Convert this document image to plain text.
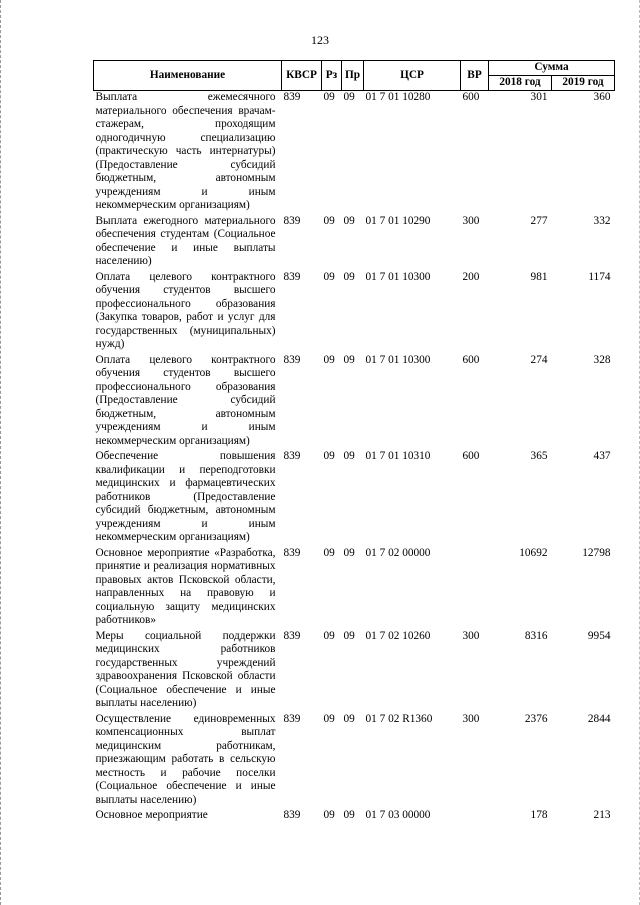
123
Наименование	КВСР	Рз	Пр	ЦСР	ВР	Сумма	
						2018 год	2019 год
Выплата ежемесячного материального обеспечения врачам-стажерам, проходящим одногодичную специализацию (практическую часть интернатуры) (Предоставление субсидий бюджетным, автономным учреждениям и иным некоммерческим организациям)	839	09	09	01 7 01 10280	600	301	360
Выплата ежегодного материального обеспечения студентам (Социальное обеспечение и иные выплаты населению)	839	09	09	01 7 01 10290	300	277	332
Оплата целевого контрактного обучения студентов высшего профессионального образования (Закупка товаров, работ и услуг для государственных (муниципальных) нужд)	839	09	09	01 7 01 10300	200	981	1174
Оплата целевого контрактного обучения студентов высшего профессионального образования (Предоставление субсидий бюджетным, автономным учреждениям и иным некоммерческим организациям)	839	09	09	01 7 01 10300	600	274	328
Обеспечение повышения квалификации и переподготовки медицинских и фармацевтических работников (Предоставление субсидий бюджетным, автономным учреждениям и иным некоммерческим организациям)	839	09	09	01 7 01 10310	600	365	437
Основное мероприятие «Разработка, принятие и реализация нормативных правовых актов Псковской области, направленных на правовую и социальную защиту медицинских работников»	839	09	09	01 7 02 00000		10692	12798
Меры социальной поддержки медицинских работников государственных учреждений здравоохранения Псковской области (Социальное обеспечение и иные выплаты населению)	839	09	09	01 7 02 10260	300	8316	9954
Осуществление единовременных компенсационных выплат медицинским работникам, приезжающим работать в сельскую местность и рабочие поселки (Социальное обеспечение и иные выплаты населению)	839	09	09	01 7 02 R1360	300	2376	2844
Основное мероприятие	839	09	09	01 7 03 00000		178	213
